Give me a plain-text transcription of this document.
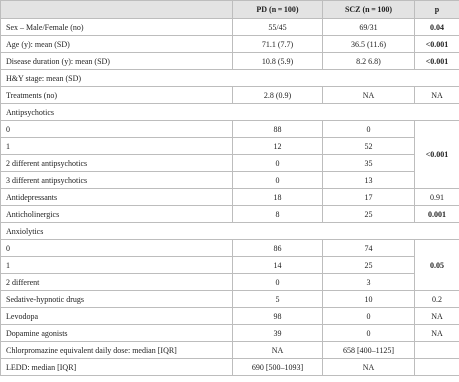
	PD (n = 100)	SCZ (n = 100)	p
Sex – Male/Female (no)	55/45	69/31	0.04
Age (y): mean (SD)	71.1 (7.7)	36.5 (11.6)	<0.001
Disease duration (y): mean (SD)	10.8 (5.9)	8.2 6.8)	<0.001
H&Y stage: mean (SD)			
Treatments (no)	2.8 (0.9)	NA	NA
Antipsychotics			
0	88	0	<0.001
1	12	52	
2 different antipsychotics	0	35	
3 different antipsychotics	0	13	
Antidepressants	18	17	0.91
Anticholinergics	8	25	0.001
Anxiolytics			
0	86	74	0.05
1	14	25	
2 different	0	3	
Sedative-hypnotic drugs	5	10	0.2
Levodopa	98	0	NA
Dopamine agonists	39	0	NA
Chlorpromazine equivalent daily dose: median [IQR]	NA	658 [400–1125]	
LEDD: median [IQR]	690 [500–1093]	NA	
